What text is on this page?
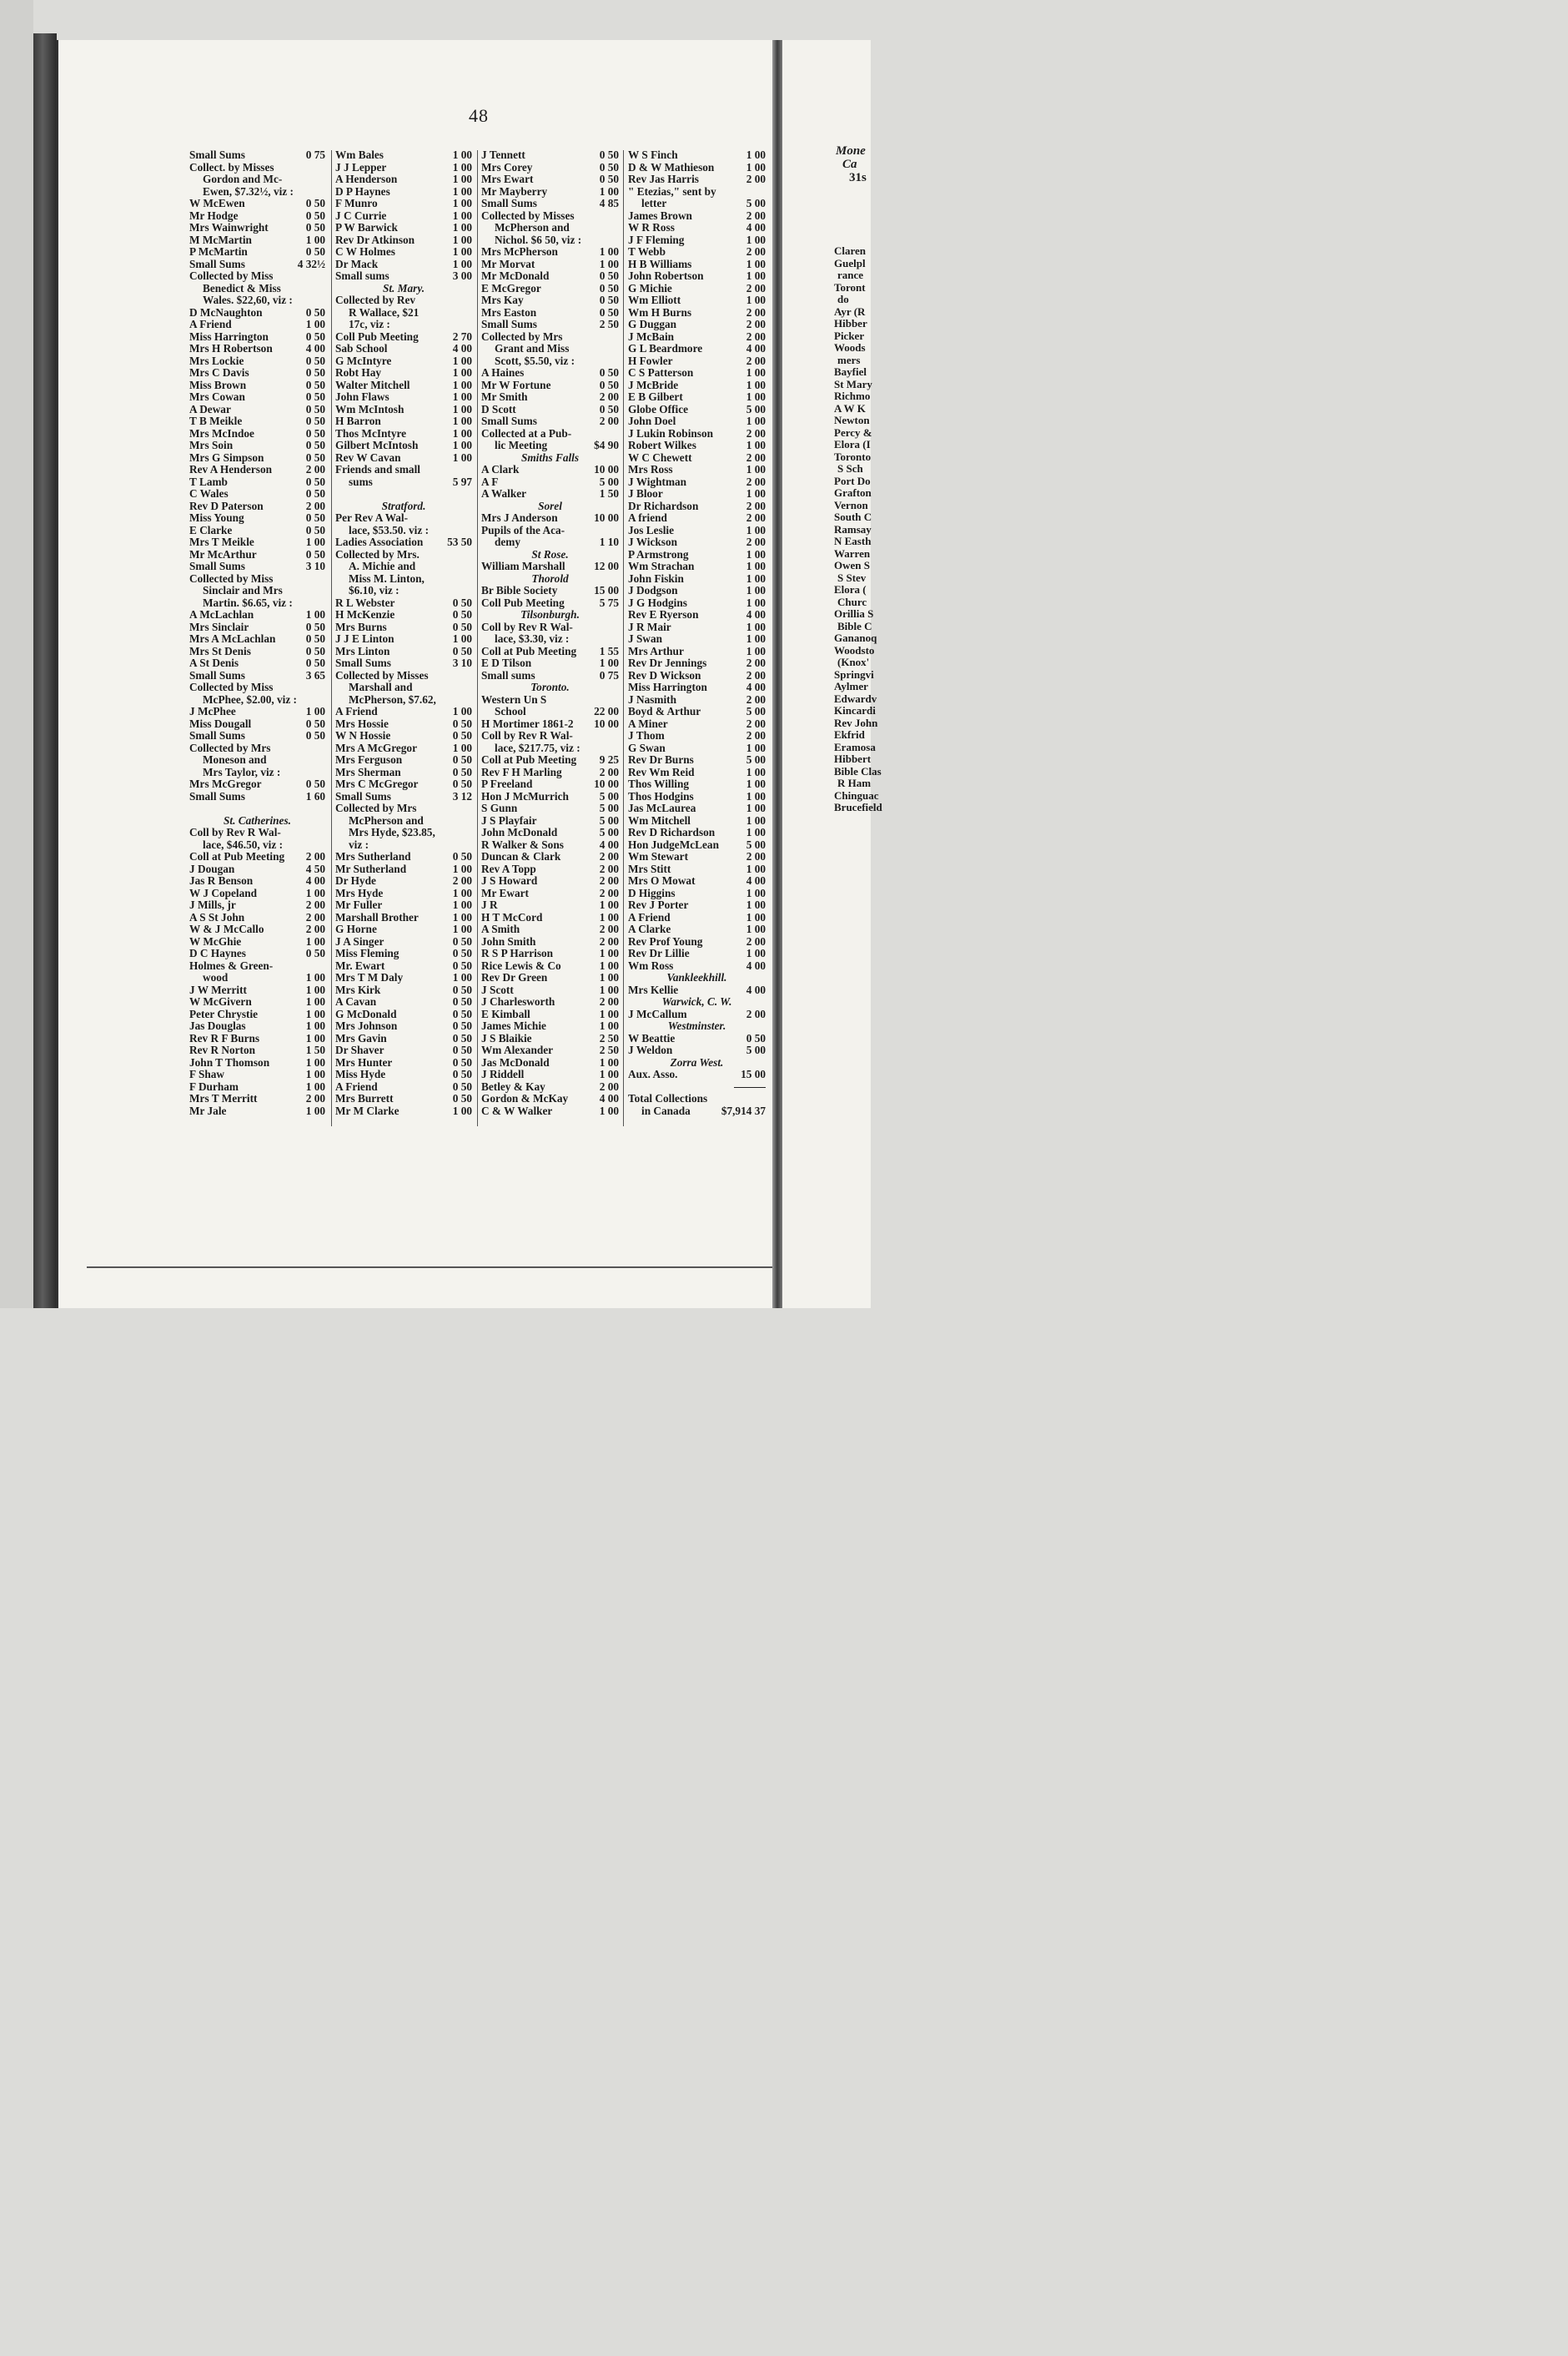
48
Small Sums	0 75
Collect. by Misses
Gordon and Mc-
Ewen, $7.32½, viz :
W McEwen	0 50
Mr Hodge	0 50
Mrs Wainwright	0 50
M McMartin	1 00
P McMartin	0 50
Small Sums	4 32½
Collected by Miss
Benedict & Miss
Wales. $22,60, viz :
D McNaughton	0 50
A Friend	1 00
Miss Harrington	0 50
Mrs H Robertson	4 00
Mrs Lockie	0 50
Mrs C Davis	0 50
Miss Brown	0 50
Mrs Cowan	0 50
A Dewar	0 50
T B Meikle	0 50
Mrs McIndoe	0 50
Mrs Soin	0 50
Mrs G Simpson	0 50
Rev A Henderson	2 00
T Lamb	0 50
C Wales	0 50
Rev D Paterson	2 00
Miss Young	0 50
E Clarke	0 50
Mrs T Meikle	1 00
Mr McArthur	0 50
Small Sums	3 10
Collected by Miss
Sinclair and Mrs
Martin. $6.65, viz :
A McLachlan	1 00
Mrs Sinclair	0 50
Mrs A McLachlan	0 50
Mrs St Denis	0 50
A St Denis	0 50
Small Sums	3 65
Collected by Miss
McPhee, $2.00, viz :
J McPhee	1 00
Miss Dougall	0 50
Small Sums	0 50
Collected by Mrs
Moneson and
Mrs Taylor, viz :
Mrs McGregor	0 50
Small Sums	1 60
St. Catherines.
Coll by Rev R Wal-
lace, $46.50, viz :
Coll at Pub Meeting 2 00
J Dougan	4 50
Jas R Benson	4 00
W J Copeland	1 00
J Mills, jr	2 00
A S St John	2 00
W & J McCallo	2 00
W McGhie	1 00
D C Haynes	0 50
Holmes & Green-
wood	1 00
J W Merritt	1 00
W McGivern	1 00
Peter Chrystie	1 00
Jas Douglas	1 00
Rev R F Burns	1 00
Rev R Norton	1 50
John T Thomson	1 00
F Shaw	1 00
F Durham	1 00
Mrs T Merritt	2 00
Mr Jale	1 00
Wm Bales	1 00
J J Lepper	1 00
A Henderson	1 00
D P Haynes	1 00
F Munro	1 00
J C Currie	1 00
P W Barwick	1 00
Rev Dr Atkinson	1 00
C W Holmes	1 00
Dr Mack	1 00
Small sums	3 00
St. Mary.
Collected by Rev
R Wallace, $21
17c, viz :
Coll Pub Meeting	2 70
Sab School	4 00
G McIntyre	1 00
Robt Hay	1 00
Walter Mitchell	1 00
John Flaws	1 00
Wm McIntosh	1 00
H Barron	1 00
Thos McIntyre	1 00
Gilbert McIntosh	1 00
Rev W Cavan	1 00
Friends and small
sums	5 97
Stratford.
Per Rev A Wal-
lace, $53.50. viz :
Ladies Association 53 50
Collected by Mrs.
A. Michie and
Miss M. Linton,
$6.10, viz :
R L Webster	0 50
H McKenzie	0 50
Mrs Burns	0 50
J J E Linton	1 00
Mrs Linton	0 50
Small Sums	3 10
Collected by Misses
Marshall and
McPherson, $7.62,
A Friend	1 00
Mrs Hossie	0 50
W N Hossie	0 50
Mrs A McGregor	1 00
Mrs Ferguson	0 50
Mrs Sherman	0 50
Mrs C McGregor	0 50
Small Sums	3 12
Collected by Mrs
McPherson and
Mrs Hyde, $23.85,
viz :
Mrs Sutherland	0 50
Mr Sutherland	1 00
Dr Hyde	2 00
Mrs Hyde	1 00
Mr Fuller	1 00
Marshall Brother	1 00
G Horne	1 00
J A Singer	0 50
Miss Fleming	0 50
Mr. Ewart	0 50
Mrs T M Daly	1 00
Mrs Kirk	0 50
A Cavan	0 50
G McDonald	0 50
Mrs Johnson	0 50
Mrs Gavin	0 50
Dr Shaver	0 50
Mrs Hunter	0 50
Miss Hyde	0 50
A Friend	0 50
Mrs Burrett	0 50
Mr M Clarke	1 00
J Tennett	0 50
Mrs Corey	0 50
Mrs Ewart	0 50
Mr Mayberry	1 00
Small Sums	4 85
Collected by Misses
McPherson and
Nichol. $6 50, viz :
Mrs McPherson	1 00
Mr Morvat	1 00
Mr McDonald	0 50
E McGregor	0 50
Mrs Kay	0 50
Mrs Easton	0 50
Small Sums	2 50
Collected by Mrs
Grant and Miss
Scott, $5.50, viz :
A Haines	0 50
Mr W Fortune	0 50
Mr Smith	2 00
D Scott	0 50
Small Sums	2 00
Collected at a Pub-
lic Meeting	$4 90
Smiths Falls
A Clark	10 00
A F	5 00
A Walker	1 50
Sorel
Mrs J Anderson	10 00
Pupils of the Aca-
demy	1 10
St Rose.
William Marshall	12 00
Thorold
Br Bible Society	15 00
Coll Pub Meeting	5 75
Tilsonburgh.
Coll by Rev R Wal-
lace, $3.30, viz :
Coll at Pub Meeting 1 55
E D Tilson	1 00
Small sums	0 75
Toronto.
Western Un S
School	22 00
H Mortimer 1861-2 10 00
Coll by Rev R Wal-
lace, $217.75, viz :
Coll at Pub Meeting 9 25
Rev F H Marling	2 00
P Freeland	10 00
Hon J McMurrich	5 00
S Gunn	5 00
J S Playfair	5 00
John McDonald	5 00
R Walker & Sons	4 00
Duncan & Clark	2 00
Rev A Topp	2 00
J S Howard	2 00
Mr Ewart	2 00
J R	1 00
H T McCord	1 00
A Smith	2 00
John Smith	2 00
R S P Harrison	1 00
Rice Lewis & Co	1 00
Rev Dr Green	1 00
J Scott	1 00
J Charlesworth	2 00
E Kimball	1 00
James Michie	1 00
J S Blaikie	2 50
Wm Alexander	2 50
Jas McDonald	1 00
J Riddell	1 00
Betley & Kay	2 00
Gordon & McKay	4 00
C & W Walker	1 00
W S Finch	1 00
D & W Mathieson	1 00
Rev Jas Harris	2 00
" Etezias," sent by
letter	5 00
James Brown	2 00
W R Ross	4 00
J F Fleming	1 00
T Webb	2 00
H B Williams	1 00
John Robertson	1 00
G Michie	2 00
Wm Elliott	1 00
Wm H Burns	2 00
G Duggan	2 00
J McBain	2 00
G L Beardmore	4 00
H Fowler	2 00
C S Patterson	1 00
J McBride	1 00
E B Gilbert	1 00
Globe Office	5 00
John Doel	1 00
J Lukin Robinson	2 00
Robert Wilkes	1 00
W C Chewett	2 00
Mrs Ross	1 00
J Wightman	2 00
J Bloor	1 00
Dr Richardson	2 00
A friend	2 00
Jos Leslie	1 00
J Wickson	2 00
P Armstrong	1 00
Wm Strachan	1 00
John Fiskin	1 00
J Dodgson	1 00
J G Hodgins	1 00
Rev E Ryerson	4 00
J R Mair	1 00
J Swan	1 00
Mrs Arthur	1 00
Rev Dr Jennings	2 00
Rev D Wickson	2 00
Miss Harrington	4 00
J Nasmith	2 00
Boyd & Arthur	5 00
A Miner	2 00
J Thom	2 00
G Swan	1 00
Rev Dr Burns	5 00
Rev Wm Reid	1 00
Thos Willing	1 00
Thos Hodgins	1 00
Jas McLaurea	1 00
Wm Mitchell	1 00
Rev D Richardson	1 00
Hon JudgeMcLean 5 00
Wm Stewart	2 00
Mrs Stitt	1 00
Mrs O Mowat	4 00
D Higgins	1 00
Rev J Porter	1 00
A Friend	1 00
A Clarke	1 00
Rev Prof Young	2 00
Rev Dr Lillie	1 00
Wm Ross	4 00
Vankleekhill.
Mrs Kellie	4 00
Warwick, C. W.
J McCallum	2 00
Westminster.
W Beattie	0 50
J Weldon	5 00
Zorra West.
Aux. Asso.	15 00
Total Collections
in Canada	$7,914 37
Mone
Ca
31s
Claren
Guelpl
rance
Toront
do
Ayr (R
Hibber
Picker
Woods
mers
Bayfiel
St Mary
Richmo
A W K
Newton
Percy &
Elora (I
Toronto
S Sch
Port Do
Grafton
Vernon
South C
Ramsay
N Easth
Warren
Owen S
S Stev
Elora (
Churc
Orillia S
Bible C
Gananoq
Woodsto
(Knox'
Springvi
Aylmer
Edwardv
Kincardi
Rev John
Ekfrid
Eramosa
Hibbert
Bible Clas
R Ham
Chinguac
Brucefield
